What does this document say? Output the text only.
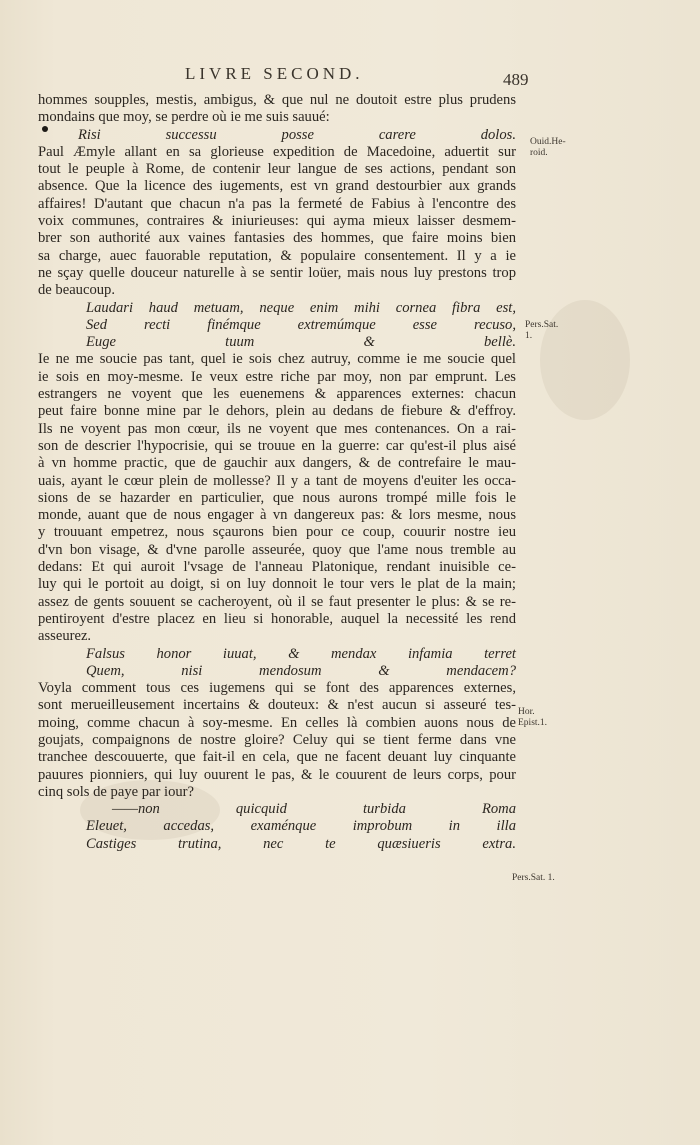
LIVRE SECOND.	489
hommes soupples, mestis, ambigus, & que nul ne doutoit estre plus prudens
mondains que moy, se perdre où ie me suis sauué:
Risi successu posse carere dolos.
Paul Æmyle allant en sa glorieuse expedition de Macedoine, aduertit sur
tout le peuple à Rome, de contenir leur langue de ses actions, pendant son
absence. Que la licence des iugements, est vn grand destourbier aux grands
affaires! D'autant que chacun n'a pas la fermeté de Fabius à l'encontre des
voix communes, contraires & iniurieuses: qui ayma mieux laisser desmem-
brer son authorité aux vaines fantasies des hommes, que faire moins bien
sa charge, auec fauorable reputation, & populaire consentement. Il y a ie
ne sçay quelle douceur naturelle à se sentir loüer, mais nous luy prestons trop
de beaucoup.
Laudari haud metuam, neque enim mihi cornea fibra est,
Sed recti finémque extremúmque esse recuso,
Euge tuum & bellè.
Ie ne me soucie pas tant, quel ie sois chez autruy, comme ie me soucie quel
ie sois en moy-mesme. Ie veux estre riche par moy, non par emprunt. Les
estrangers ne voyent que les euenemens & apparences externes: chacun
peut faire bonne mine par le dehors, plein au dedans de fiebure & d'effroy.
Ils ne voyent pas mon cœur, ils ne voyent que mes contenances. On a rai-
son de descrier l'hypocrisie, qui se trouue en la guerre: car qu'est-il plus aisé
à vn homme practic, que de gauchir aux dangers, & de contrefaire le mau-
uais, ayant le cœur plein de mollesse? Il y a tant de moyens d'euiter les occa-
sions de se hazarder en particulier, que nous aurons trompé mille fois le
monde, auant que de nous engager à vn dangereux pas: & lors mesme, nous
y trouuant empetrez, nous sçaurons bien pour ce coup, couurir nostre ieu
d'vn bon visage, & d'vne parolle asseurée, quoy que l'ame nous tremble au
dedans: Et qui auroit l'vsage de l'anneau Platonique, rendant inuisible ce-
luy qui le portoit au doigt, si on luy donnoit le tour vers le plat de la main;
assez de gents souuent se cacheroyent, où il se faut presenter le plus: & se re-
pentiroyent d'estre placez en lieu si honorable, auquel la necessité les rend
asseurez.
Falsus honor iuuat, & mendax infamia terret
Quem, nisi mendosum & mendacem?
Voyla comment tous ces iugemens qui se font des apparences externes,
sont merueilleusement incertains & douteux: & n'est aucun si asseuré tes-
moing, comme chacun à soy-mesme. En celles là combien auons nous de
goujats, compaignons de nostre gloire? Celuy qui se tient ferme dans vne
tranchee descouuerte, que fait-il en cela, que ne facent deuant luy cinquante
pauures pionniers, qui luy ouurent le pas, & le couurent de leurs corps, pour
cinq sols de paye par iour?
——non quicquid turbida Roma
Eleuet, accedas, examénque improbum in illa
Castiges trutina, nec te quæsiueris extra.
Ouid.He-roid.
Pers.Sat. 1.
Hor. Epist.1.
Pers.Sat. 1.
